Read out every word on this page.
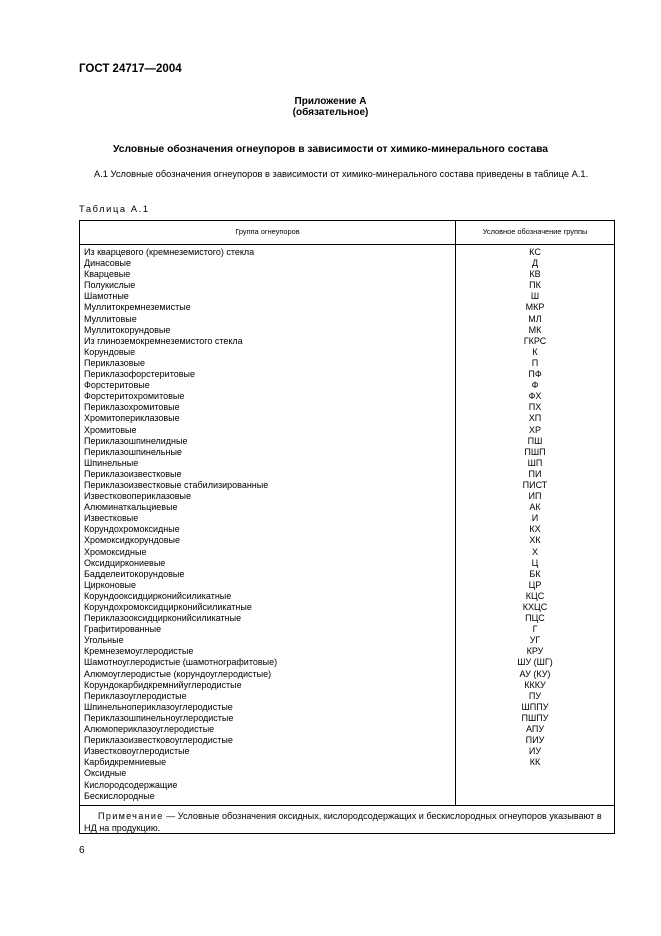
ГОСТ 24717—2004
Приложение А
(обязательное)
Условные обозначения огнеупоров в зависимости от химико-минерального состава
А.1 Условные обозначения огнеупоров в зависимости от химико-минерального состава приведены в таблице А.1.
Таблица А.1
Группа огнеупоров	Условное обозначение группы
Из кварцевого (кремнеземистого) стекла
Динасовые
Кварцевые
Полукислые
Шамотные
Муллитокремнеземистые
Муллитовые
Муллитокорундовые
Из глиноземокремнеземистого стекла
Корундовые
Периклазовые
Периклазофорстеритовые
Форстеритовые
Форстеритохромитовые
Периклазохромитовые
Хромитопериклазовые
Хромитовые
Периклазошпинелидные
Периклазошпинельные
Шпинельные
Периклазоизвестковые
Периклазоизвестковые стабилизированные
Известковопериклазовые
Алюминаткальциевые
Известковые
Корундохромоксидные
Хромоксидкорундовые
Хромоксидные
Оксидциркониевые
Бадделеитокорундовые
Цирконовые
Корундооксидцирконийсиликатные
Корундохромоксидцирконийсиликатные
Периклазооксидцирконийсиликатные
Графитированные
Угольные
Кремнеземоуглеродистые
Шамотноуглеродистые (шамотнографитовые)
Алюмоуглеродистые (корундоуглеродистые)
Корундокарбидкремнийуглеродистые
Периклазоуглеродистые
Шпинельнопериклазоуглеродистые
Периклазошпинельноуглеродистые
Алюмопериклазоуглеродистые
Периклазоизвестковоуглеродистые
Известковоуглеродистые
Карбидкремниевые
Оксидные
Кислородсодержащие
Бескислородные
КС
Д
КВ
ПК
Ш
МКР
МЛ
МК
ГКРС
К
П
ПФ
Ф
ФХ
ПХ
ХП
ХР
ПШ
ПШП
ШП
ПИ
ПИСТ
ИП
АК
И
КХ
ХК
Х
Ц
БК
ЦР
КЦС
КХЦС
ПЦС
Г
УГ
КРУ
ШУ (ШГ)
АУ (КУ)
КККУ
ПУ
ШППУ
ПШПУ
АПУ
ПИУ
ИУ
КК
Примечание — Условные обозначения оксидных, кислородсодержащих и бескислородных огнеупоров указывают в НД на продукцию.
6
